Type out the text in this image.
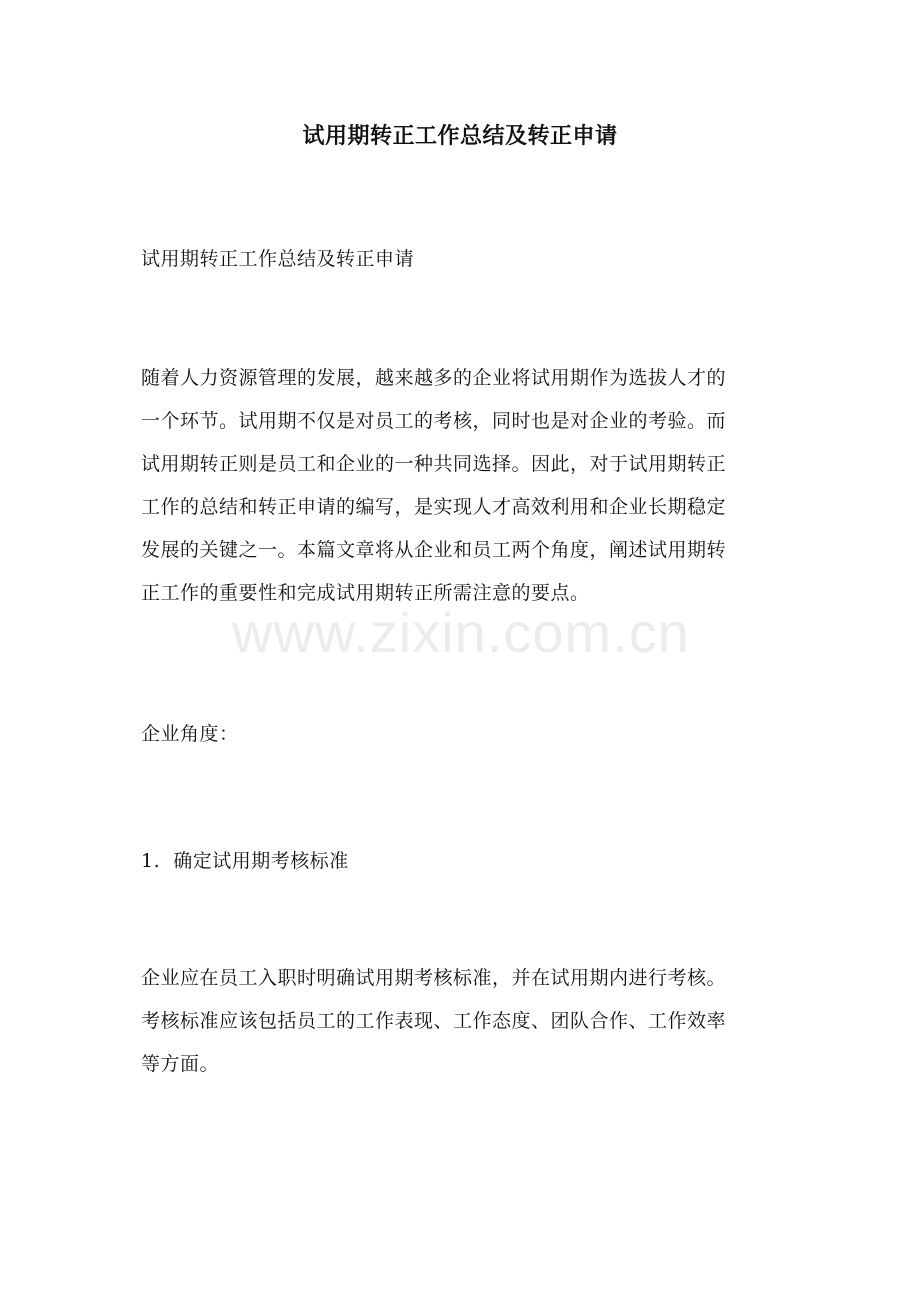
试用期转正工作总结及转正申请
试用期转正工作总结及转正申请

随着人力资源管理的发展，越来越多的企业将试用期作为选拔人才的

一个环节。试用期不仅是对员工的考核，同时也是对企业的考验。而

试用期转正则是员工和企业的一种共同选择。因此，对于试用期转正

工作的总结和转正申请的编写，是实现人才高效利用和企业长期稳定

发展的关键之一。本篇文章将从企业和员工两个角度，阐述试用期转

正工作的重要性和完成试用期转正所需注意的要点。

企业角度：
1.  确定试用期考核标准

企业应在员工入职时明确试用期考核标准，并在试用期内进行考核。

考核标准应该包括员工的工作表现、工作态度、团队合作、工作效率

等方面。

www.zixin.com.cn
